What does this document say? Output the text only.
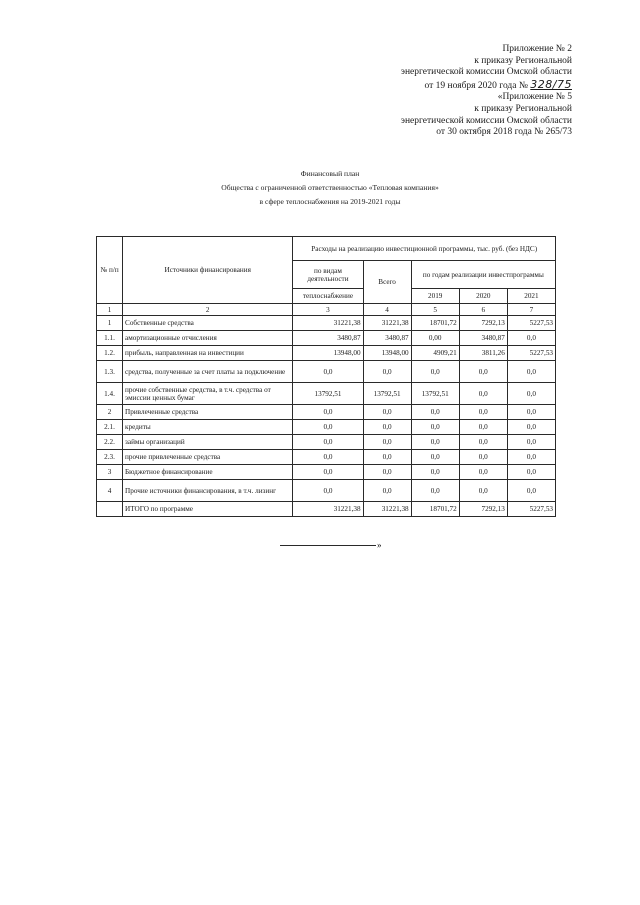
Приложение № 2
к приказу Региональной
энергетической комиссии Омской области
от 19 ноября 2020 года № 328/75
«Приложение № 5
к приказу Региональной
энергетической комиссии Омской области
от 30 октября 2018 года № 265/73
Финансовый план
Общества с ограниченной ответственностью «Тепловая компания»
в сфере теплоснабжения на 2019-2021 годы
№ п/п	Источники финансирования	Расходы на реализацию инвестиционной программы, тыс. руб. (без НДС)				
		по видам деятельности	Всего	по годам реализации инвестпрограммы		
		теплоснабжение		2019	2020	2021
1	2	3	4	5	6	7
1	Собственные средства	31221,38	31221,38	18701,72	7292,13	5227,53
1.1.	амортизационные отчисления	3480,87	3480,87	0,00	3480,87	0,0
1.2.	прибыль, направленная на инвестиции	13948,00	13948,00	4909,21	3811,26	5227,53
1.3.	средства, полученные за счет платы за подключение	0,0	0,0	0,0	0,0	0,0
1.4.	прочие собственные средства, в т.ч. средства от эмиссии ценных бумаг	13792,51	13792,51	13792,51	0,0	0,0
2	Привлеченные средства	0,0	0,0	0,0	0,0	0,0
2.1.	кредиты	0,0	0,0	0,0	0,0	0,0
2.2.	займы организаций	0,0	0,0	0,0	0,0	0,0
2.3.	прочие привлеченные средства	0,0	0,0	0,0	0,0	0,0
3	Бюджетное финансирование	0,0	0,0	0,0	0,0	0,0
4	Прочие источники финансирования, в т.ч. лизинг	0,0	0,0	0,0	0,0	0,0
	ИТОГО по программе	31221,38	31221,38	18701,72	7292,13	5227,53
»
